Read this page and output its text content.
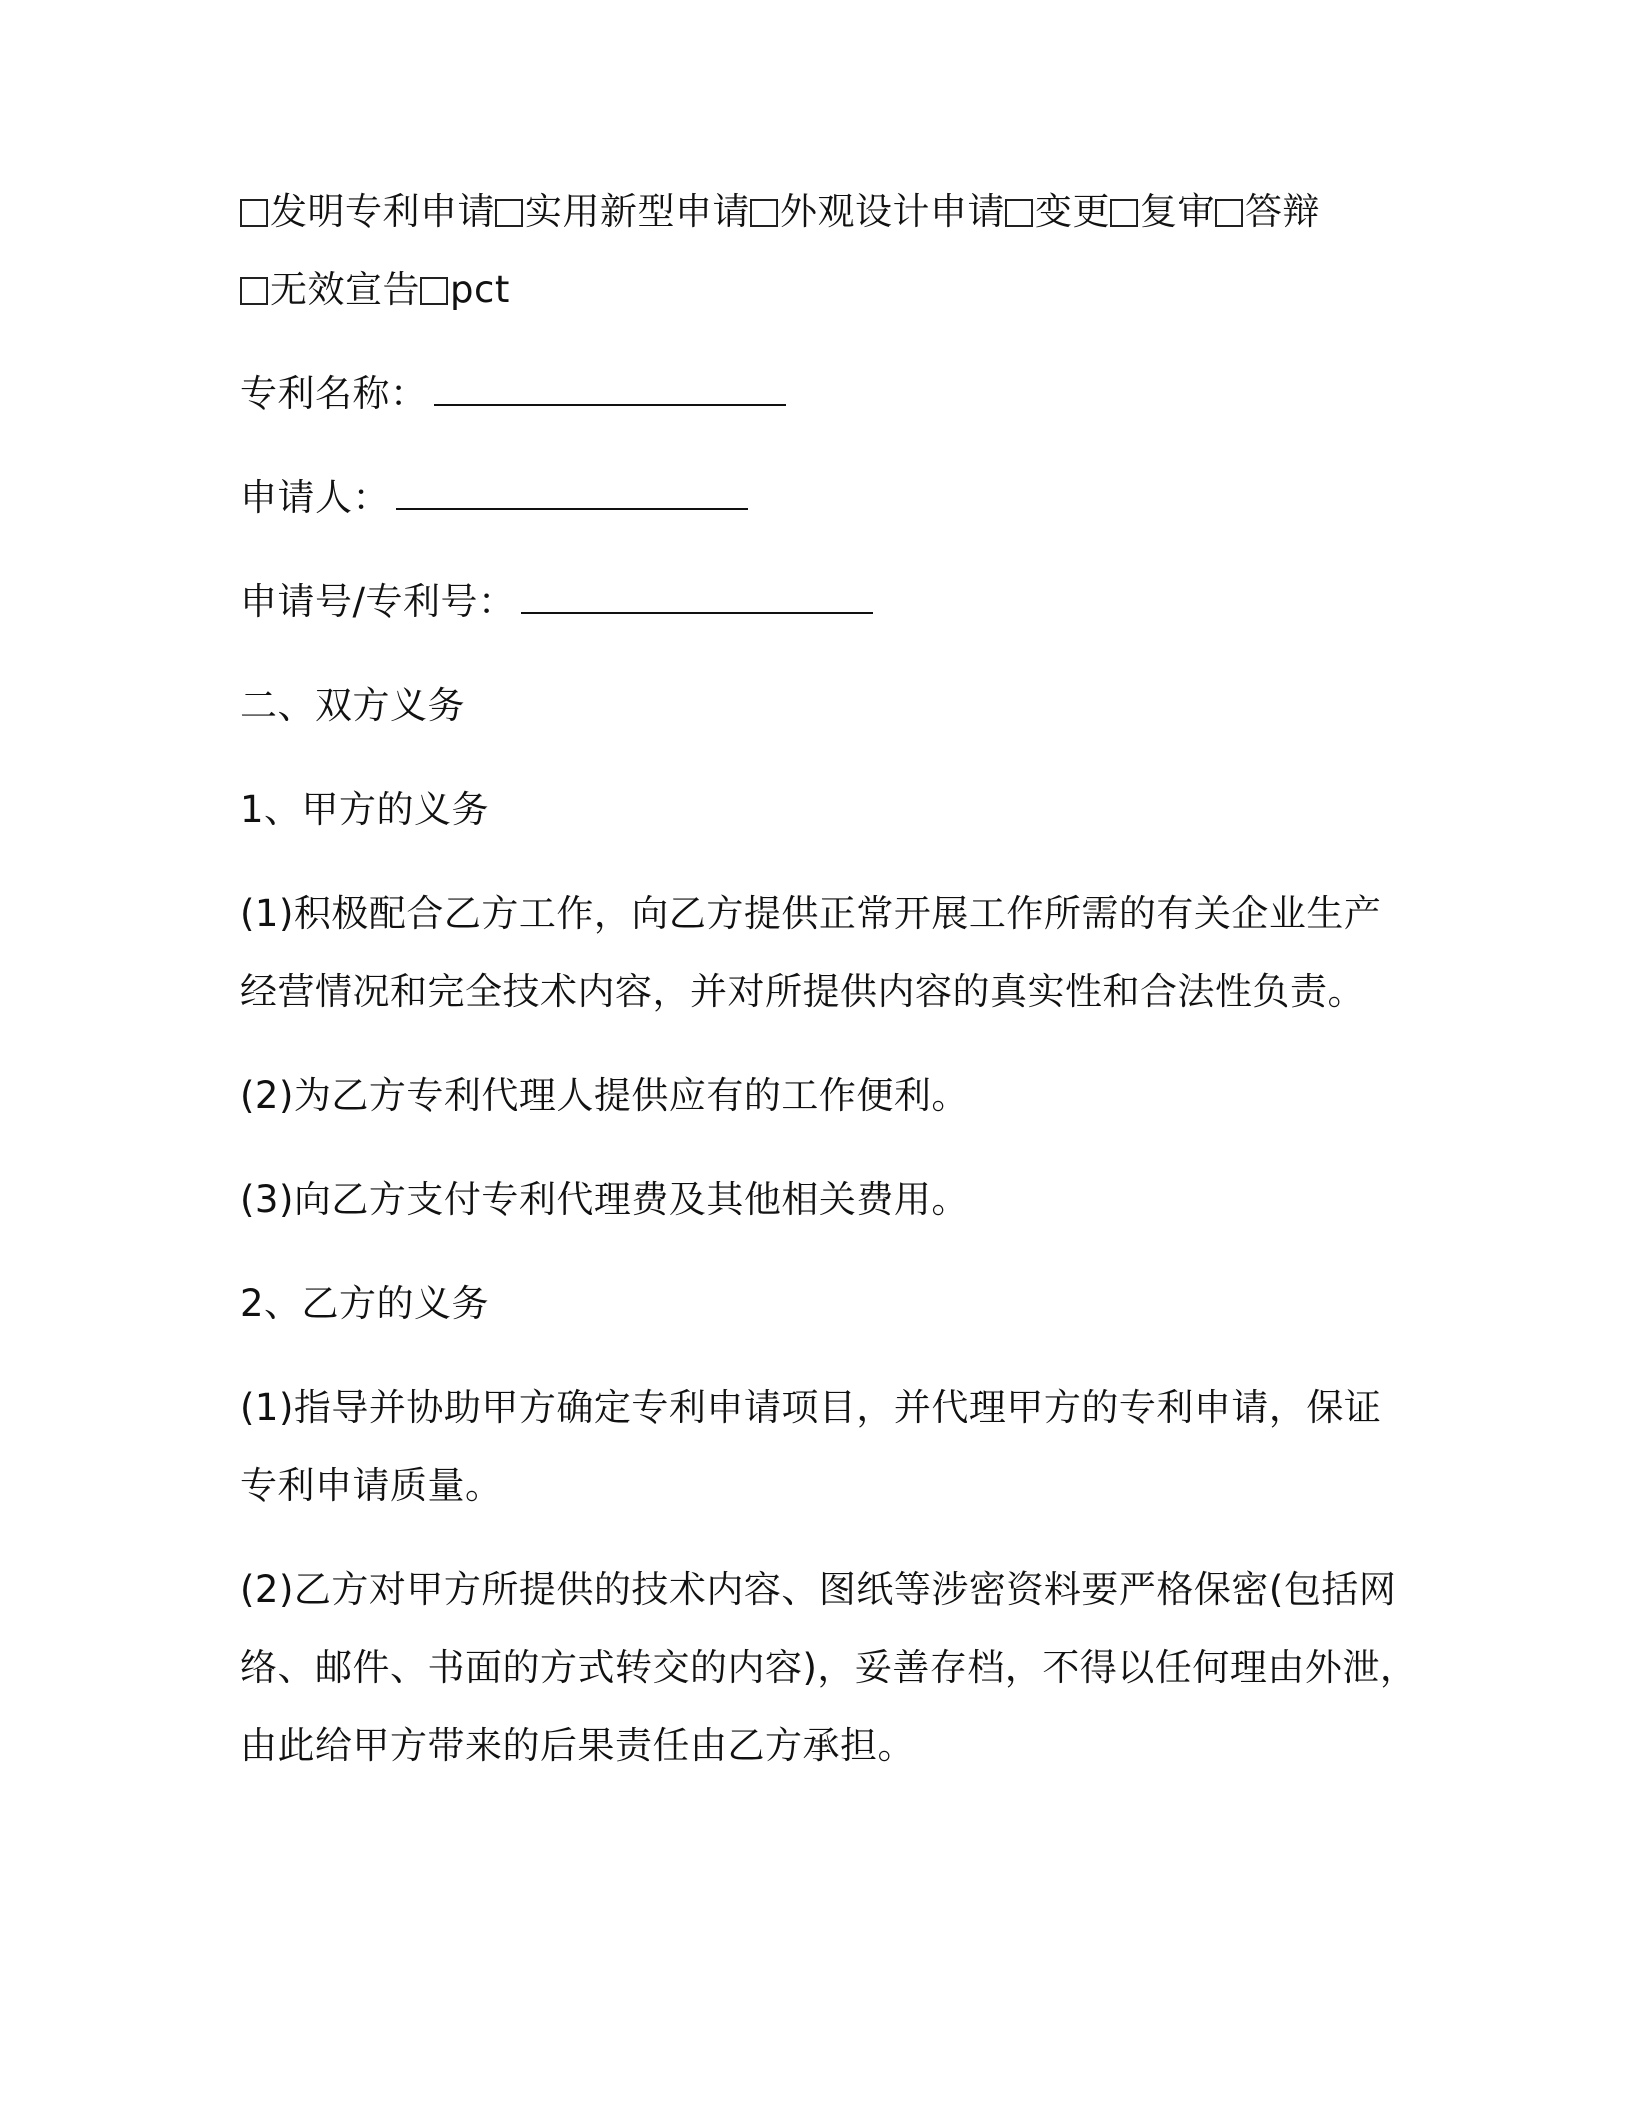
发明专利申请 实用新型申请 外观设计申请 变更 复审 答辩

无效宣告 pct

专利名称：

申请人：

申请号/专利号：

二、双方义务

1、甲方的义务

(1)积极配合乙方工作，向乙方提供正常开展工作所需的有关企业生产

经营情况和完全技术内容，并对所提供内容的真实性和合法性负责。

(2)为乙方专利代理人提供应有的工作便利。

(3)向乙方支付专利代理费及其他相关费用。

2、乙方的义务

(1)指导并协助甲方确定专利申请项目，并代理甲方的专利申请，保证

专利申请质量。

(2)乙方对甲方所提供的技术内容、图纸等涉密资料要严格保密(包括网

络、邮件、书面的方式转交的内容)，妥善存档，不得以任何理由外泄，

由此给甲方带来的后果责任由乙方承担。
